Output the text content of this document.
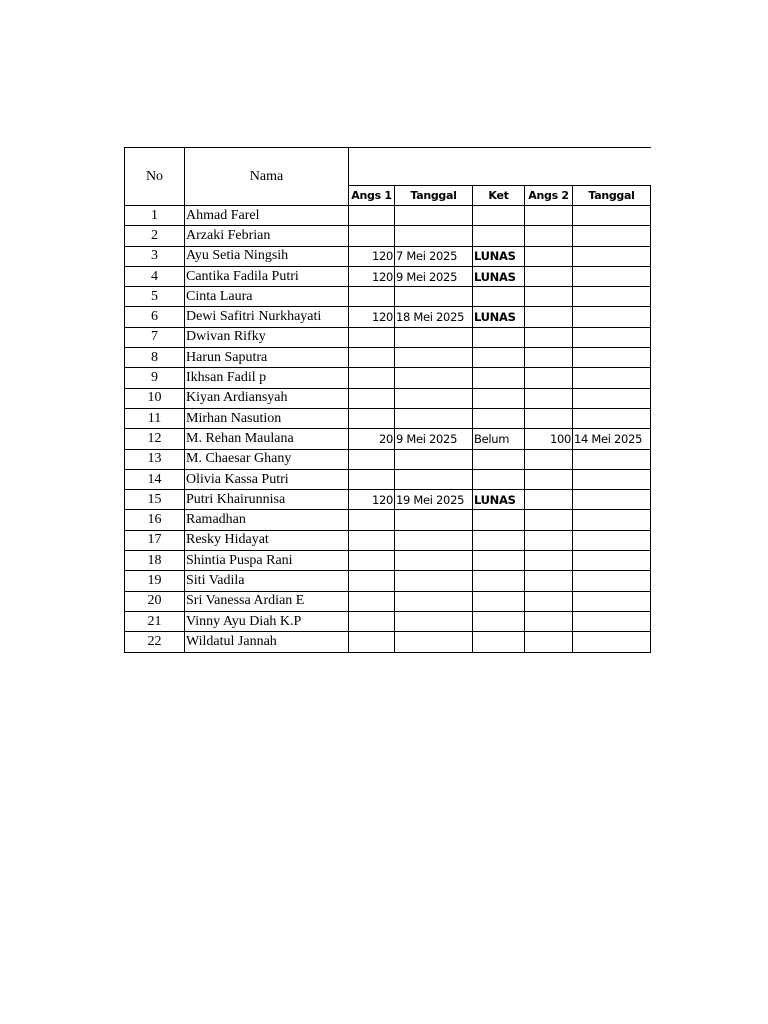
No	Nama					
		Angs 1	Tanggal	Ket	Angs 2	Tanggal
1	Ahmad Farel					
2	Arzaki Febrian					
3	Ayu Setia Ningsih	120	7 Mei 2025	LUNAS		
4	Cantika Fadila Putri	120	9 Mei 2025	LUNAS		
5	Cinta Laura					
6	Dewi Safitri Nurkhayati	120	18 Mei 2025	LUNAS		
7	Dwivan Rifky					
8	Harun Saputra					
9	Ikhsan Fadil p					
10	Kiyan Ardiansyah					
11	Mirhan Nasution					
12	M. Rehan Maulana	20	9 Mei 2025	Belum	100	14 Mei 2025
13	M. Chaesar Ghany					
14	Olivia Kassa Putri					
15	Putri Khairunnisa	120	19 Mei 2025	LUNAS		
16	Ramadhan					
17	Resky Hidayat					
18	Shintia Puspa Rani					
19	Siti Vadila					
20	Sri Vanessa Ardian E					
21	Vinny Ayu Diah K.P					
22	Wildatul Jannah					
